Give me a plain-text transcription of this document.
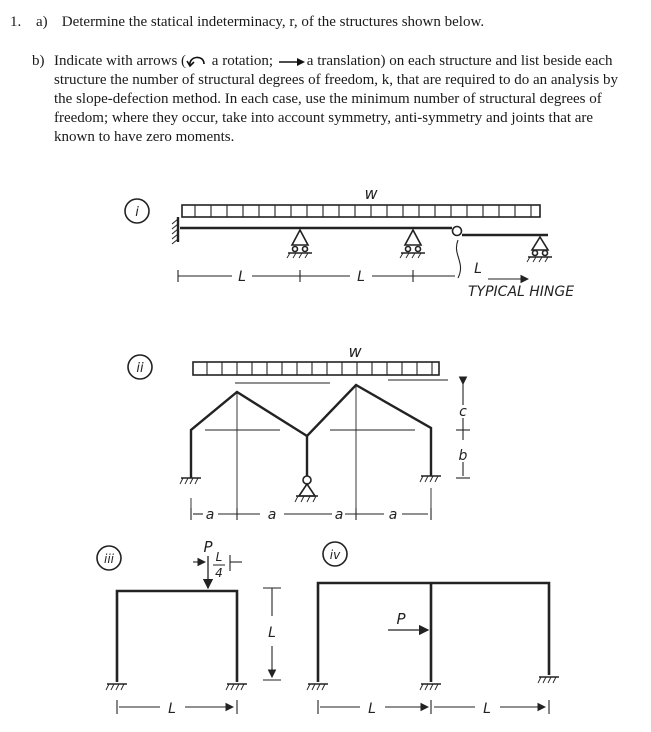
1. a) Determine the statical indeterminacy, r, of the structures shown below.
b) Indicate with arrows ( a rotation; a translation) on each structure and list beside each structure the number of structural degrees of freedom, k, that are required to do an analysis by the slope-defection method. In each case, use the minimum number of structural degrees of freedom; where they occur, take into account symmetry, anti-symmetry and joints that are known to have zero moments.
i
w
L	L	L
TYPICAL HINGE
ii
w
a	a	a	a
c
b
iii
P
L
4
L
L
iv
P
L	L
